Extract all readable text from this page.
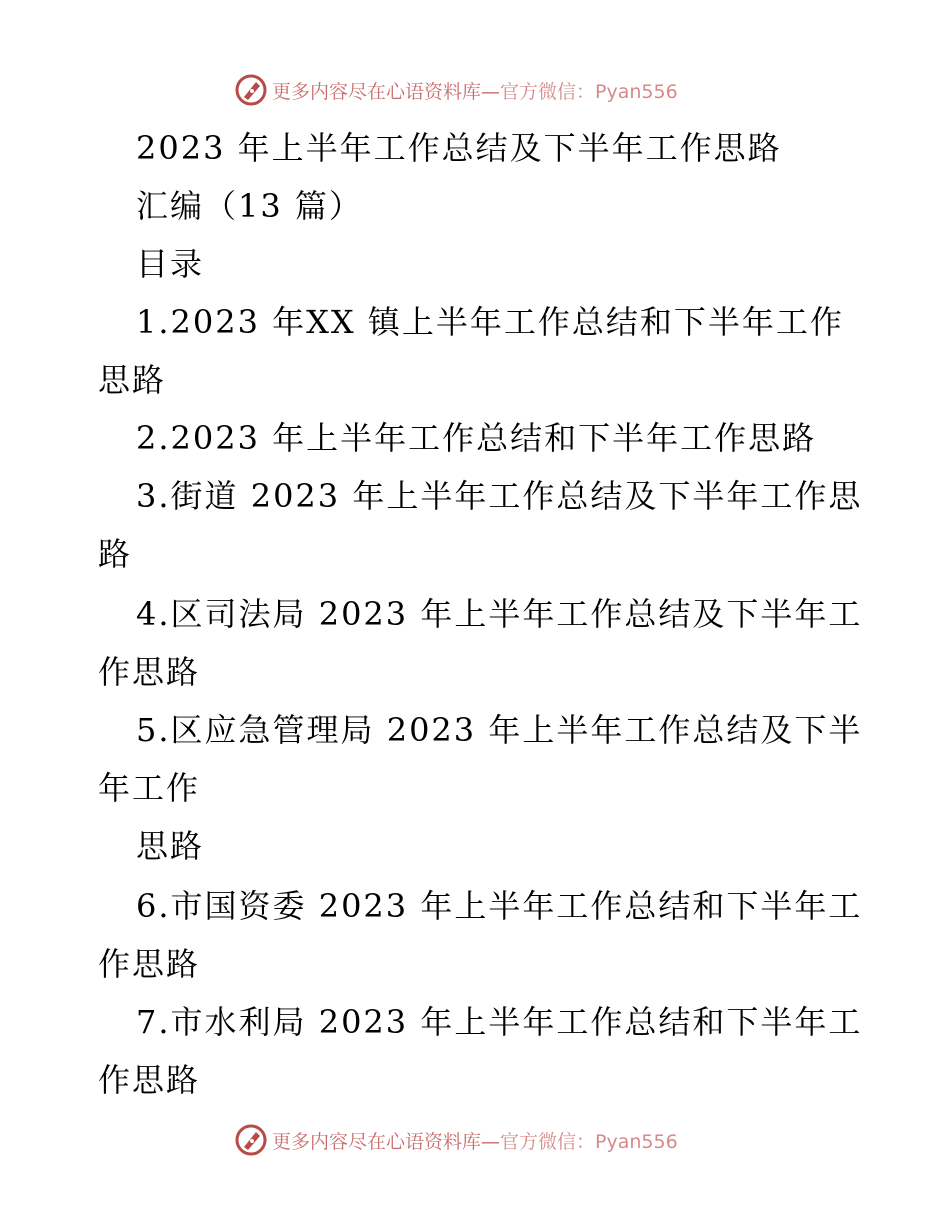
更多内容尽在心语资料库— 官方微信：Pyan556
2023 年上半年工作总结及下半年工作思路
汇编（13 篇）
目录
1.2023 年XX 镇上半年工作总结和下半年工作
思路
2.2023 年上半年工作总结和下半年工作思路
3.街道 2023 年上半年工作总结及下半年工作思
路
4.区司法局 2023 年上半年工作总结及下半年工
作思路
5.区应急管理局 2023 年上半年工作总结及下半
年工作
思路
6.市国资委 2023 年上半年工作总结和下半年工
作思路
7.市水利局 2023 年上半年工作总结和下半年工
作思路
更多内容尽在心语资料库— 官方微信：Pyan556
